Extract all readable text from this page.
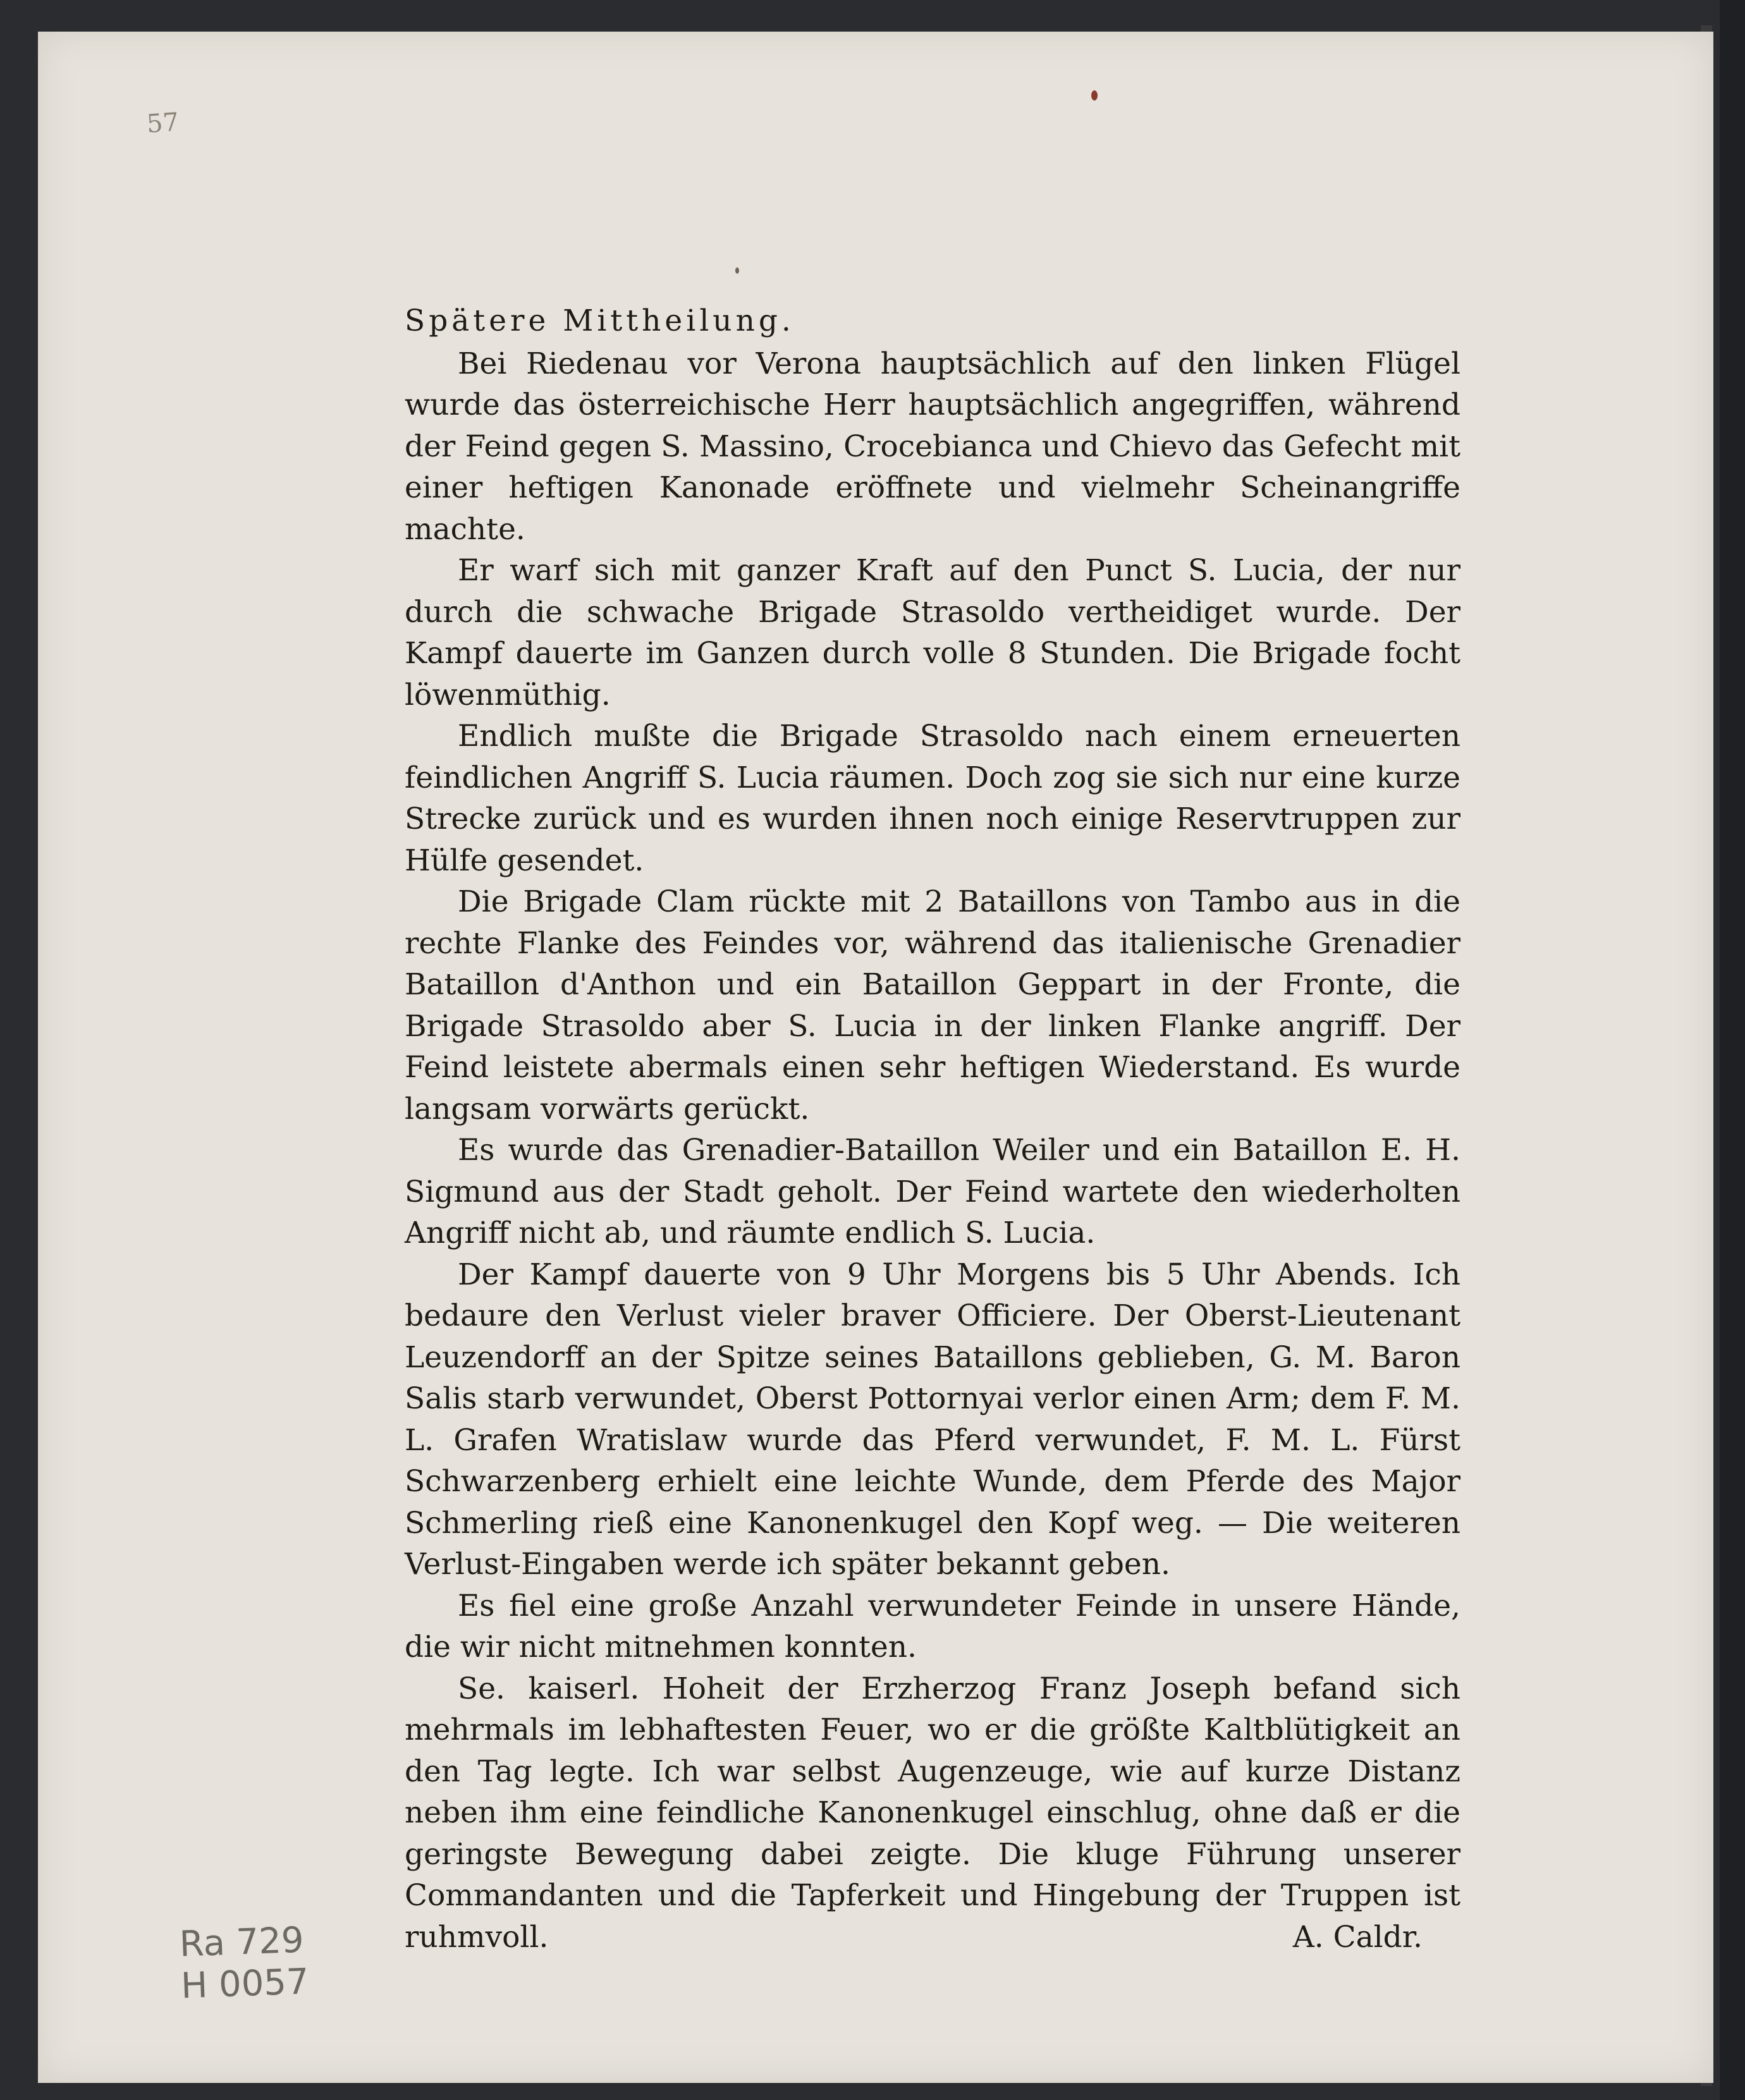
57
Spätere Mittheilung.

Bei Riedenau vor Verona hauptsächlich auf den linken Flügel wurde das österreichische Herr hauptsächlich angegriffen, während der Feind gegen S. Massino, Crocebianca und Chievo das Gefecht mit einer heftigen Kanonade eröffnete und vielmehr Scheinangriffe machte.

Er warf sich mit ganzer Kraft auf den Punct S. Lucia, der nur durch die schwache Brigade Strasoldo vertheidiget wurde. Der Kampf dauerte im Ganzen durch volle 8 Stunden. Die Brigade focht löwenmüthig.

Endlich mußte die Brigade Strasoldo nach einem erneuerten feindlichen Angriff S. Lucia räumen. Doch zog sie sich nur eine kurze Strecke zurück und es wurden ihnen noch einige Reservtruppen zur Hülfe gesendet.

Die Brigade Clam rückte mit 2 Bataillons von Tambo aus in die rechte Flanke des Feindes vor, während das italienische Grenadier Bataillon d'Anthon und ein Bataillon Geppart in der Fronte, die Brigade Strasoldo aber S. Lucia in der linken Flanke angriff. Der Feind leistete abermals einen sehr heftigen Wiederstand. Es wurde langsam vorwärts gerückt.

Es wurde das Grenadier-Bataillon Weiler und ein Bataillon E. H. Sigmund aus der Stadt geholt. Der Feind wartete den wiederholten Angriff nicht ab, und räumte endlich S. Lucia.

Der Kampf dauerte von 9 Uhr Morgens bis 5 Uhr Abends. Ich bedaure den Verlust vieler braver Officiere. Der Oberst-Lieutenant Leuzendorff an der Spitze seines Bataillons geblieben, G. M. Baron Salis starb verwundet, Oberst Pottornyai verlor einen Arm; dem F. M. L. Grafen Wratislaw wurde das Pferd verwundet, F. M. L. Fürst Schwarzenberg erhielt eine leichte Wunde, dem Pferde des Major Schmerling rieß eine Kanonenkugel den Kopf weg. — Die weiteren Verlust-Eingaben werde ich später bekannt geben.

Es fiel eine große Anzahl verwundeter Feinde in unsere Hände, die wir nicht mitnehmen konnten.

Se. kaiserl. Hoheit der Erzherzog Franz Joseph befand sich mehrmals im lebhaftesten Feuer, wo er die größte Kaltblütigkeit an den Tag legte. Ich war selbst Augenzeuge, wie auf kurze Distanz neben ihm eine feindliche Kanonenkugel einschlug, ohne daß er die geringste Bewegung dabei zeigte. Die kluge Führung unserer Commandanten und die Tapferkeit und Hingebung der Truppen ist ruhmvoll.	A. Caldr.
Ra 729
H 0057
